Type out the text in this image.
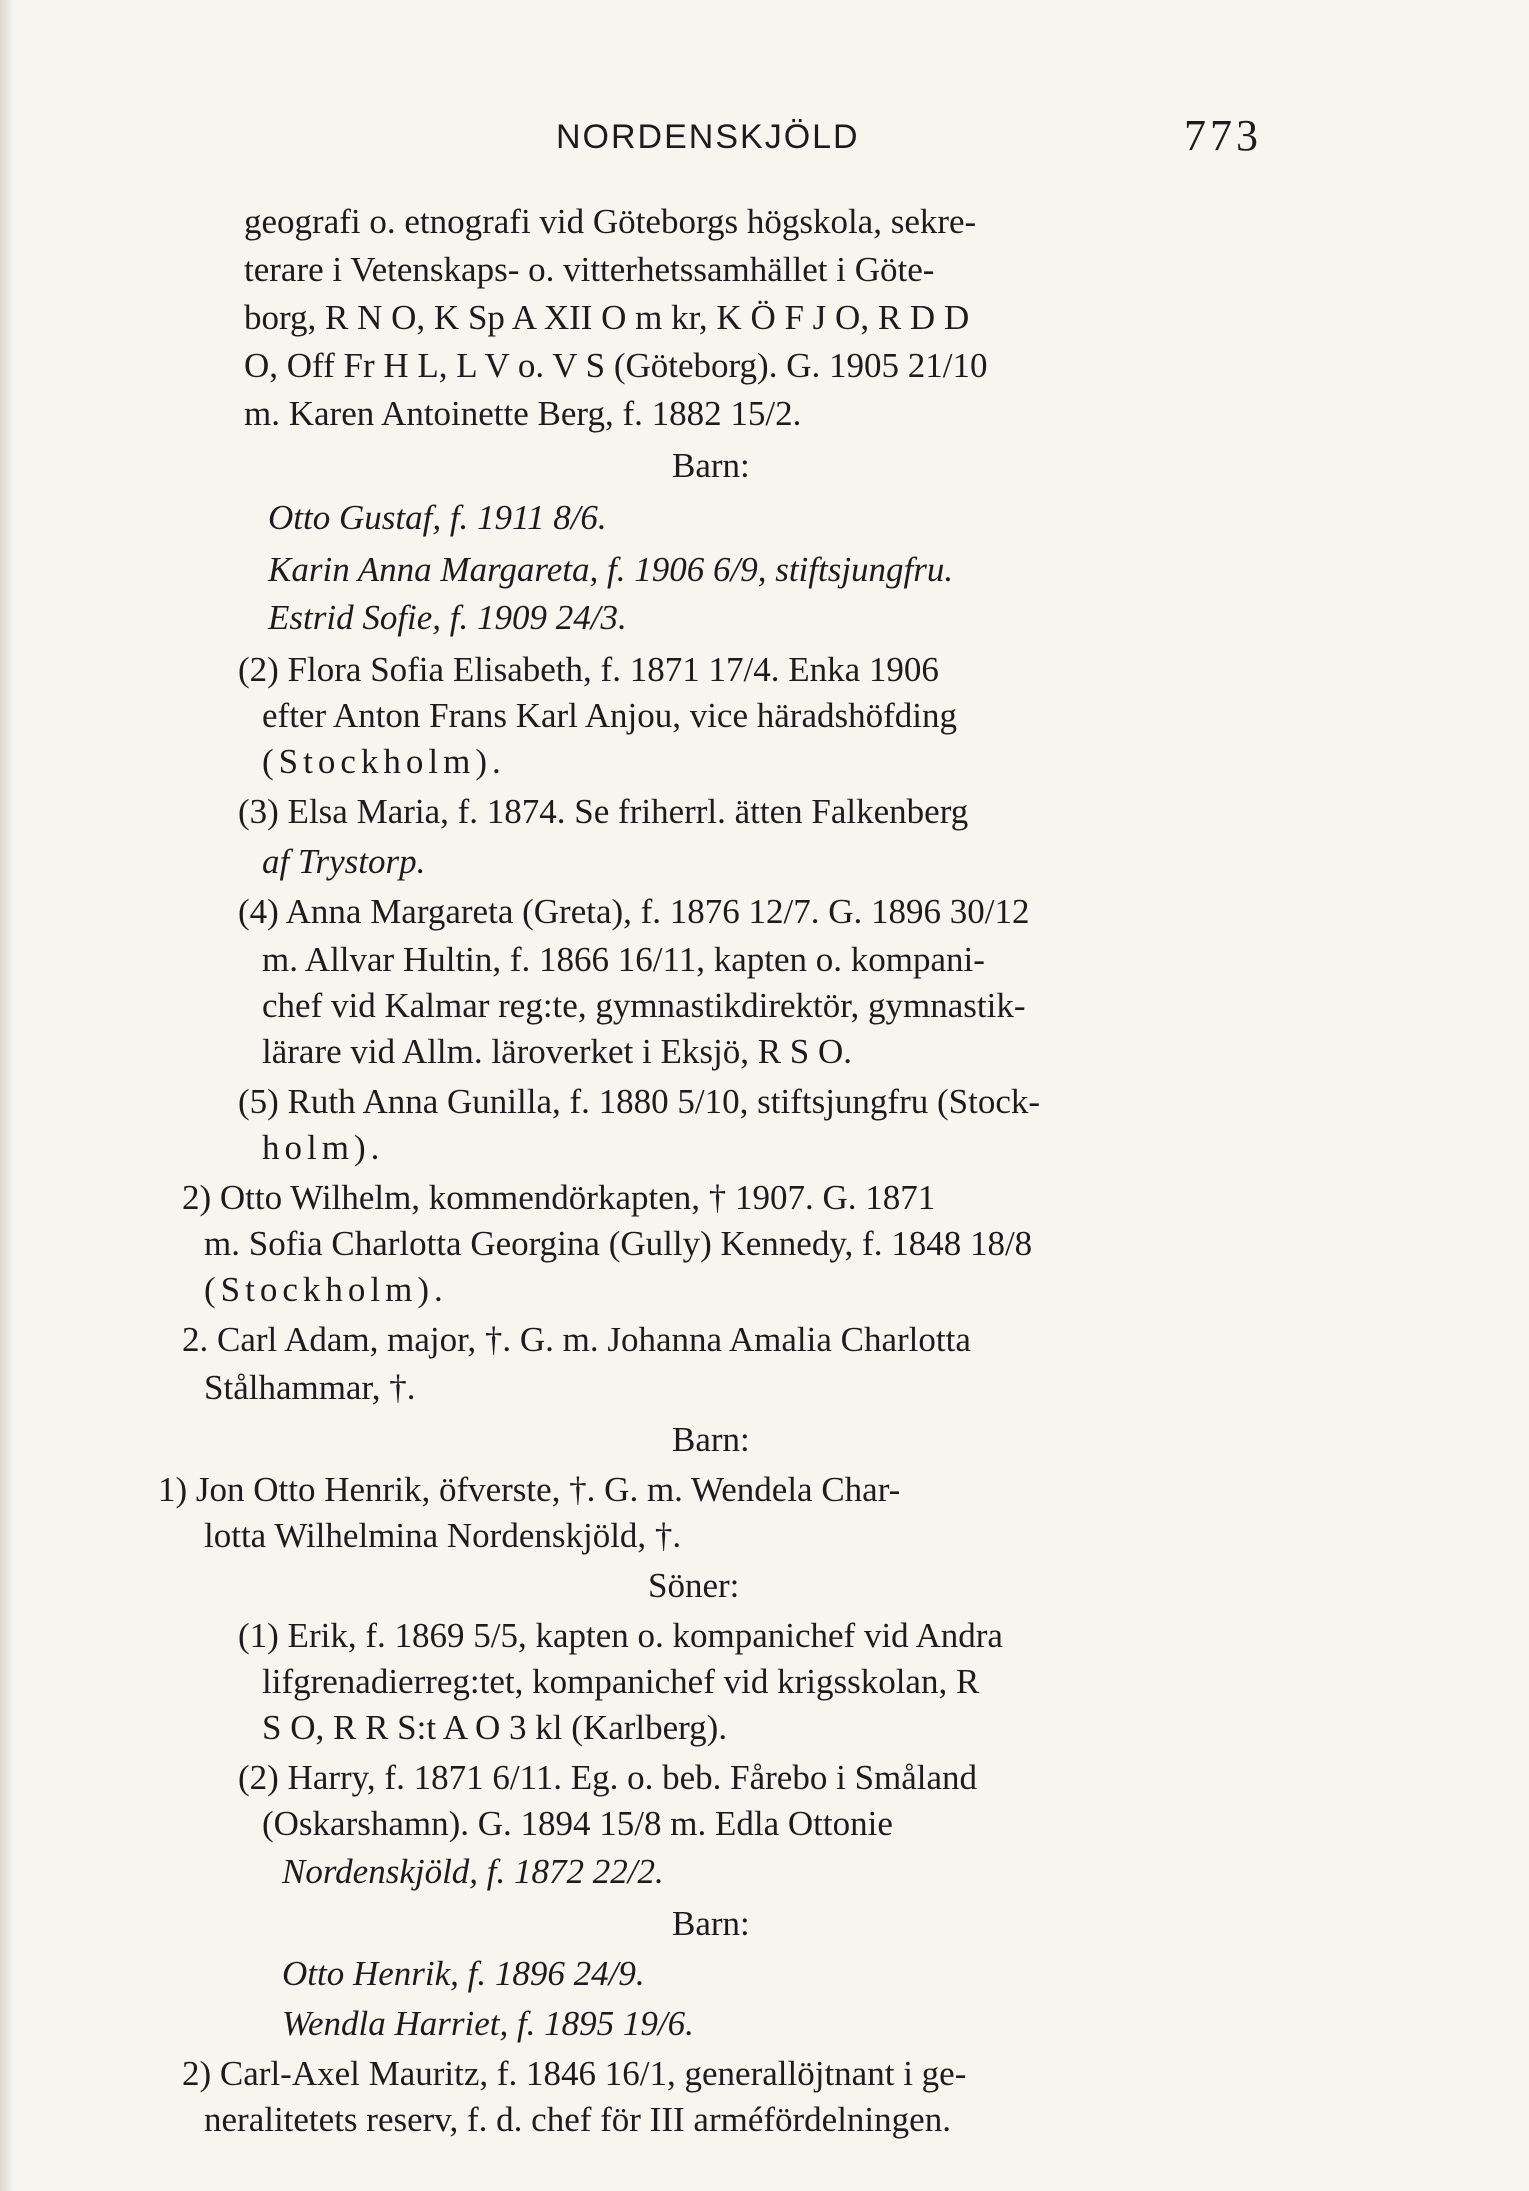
NORDENSKJÖLD	773
geografi o. etnografi vid Göteborgs högskola, sekre-
terare i Vetenskaps- o. vitterhetssamhället i Göte-
borg, R N O, K Sp A XII O m kr, K Ö F J O, R D D
O, Off Fr H L, L V o. V S (Göteborg). G. 1905 21/10
m. Karen Antoinette Berg, f. 1882 15/2.
Barn:
Otto Gustaf, f. 1911 8/6.
Karin Anna Margareta, f. 1906 6/9, stiftsjungfru.
Estrid Sofie, f. 1909 24/3.
(2) Flora Sofia Elisabeth, f. 1871 17/4. Enka 1906
efter Anton Frans Karl Anjou, vice häradshöfding
(Stockholm).
(3) Elsa Maria, f. 1874. Se friherrl. ätten Falkenberg
af Trystorp.
(4) Anna Margareta (Greta), f. 1876 12/7. G. 1896 30/12
m. Allvar Hultin, f. 1866 16/11, kapten o. kompani-
chef vid Kalmar reg:te, gymnastikdirektör, gymnastik-
lärare vid Allm. läroverket i Eksjö, R S O.
(5) Ruth Anna Gunilla, f. 1880 5/10, stiftsjungfru (Stock-
holm).
2) Otto Wilhelm, kommendörkapten, † 1907. G. 1871
m. Sofia Charlotta Georgina (Gully) Kennedy, f. 1848 18/8
(Stockholm).
2. Carl Adam, major, †. G. m. Johanna Amalia Charlotta
Stålhammar, †.
Barn:
1) Jon Otto Henrik, öfverste, †. G. m. Wendela Char-
lotta Wilhelmina Nordenskjöld, †.
Söner:
(1) Erik, f. 1869 5/5, kapten o. kompanichef vid Andra
lifgrenadierreg:tet, kompanichef vid krigsskolan, R
S O, R R S:t A O 3 kl (Karlberg).
(2) Harry, f. 1871 6/11. Eg. o. beb. Fårebo i Småland
(Oskarshamn). G. 1894 15/8 m. Edla Ottonie
Nordenskjöld, f. 1872 22/2.
Barn:
Otto Henrik, f. 1896 24/9.
Wendla Harriet, f. 1895 19/6.
2) Carl-Axel Mauritz, f. 1846 16/1, generallöjtnant i ge-
neralitetets reserv, f. d. chef för III arméfördelningen.
